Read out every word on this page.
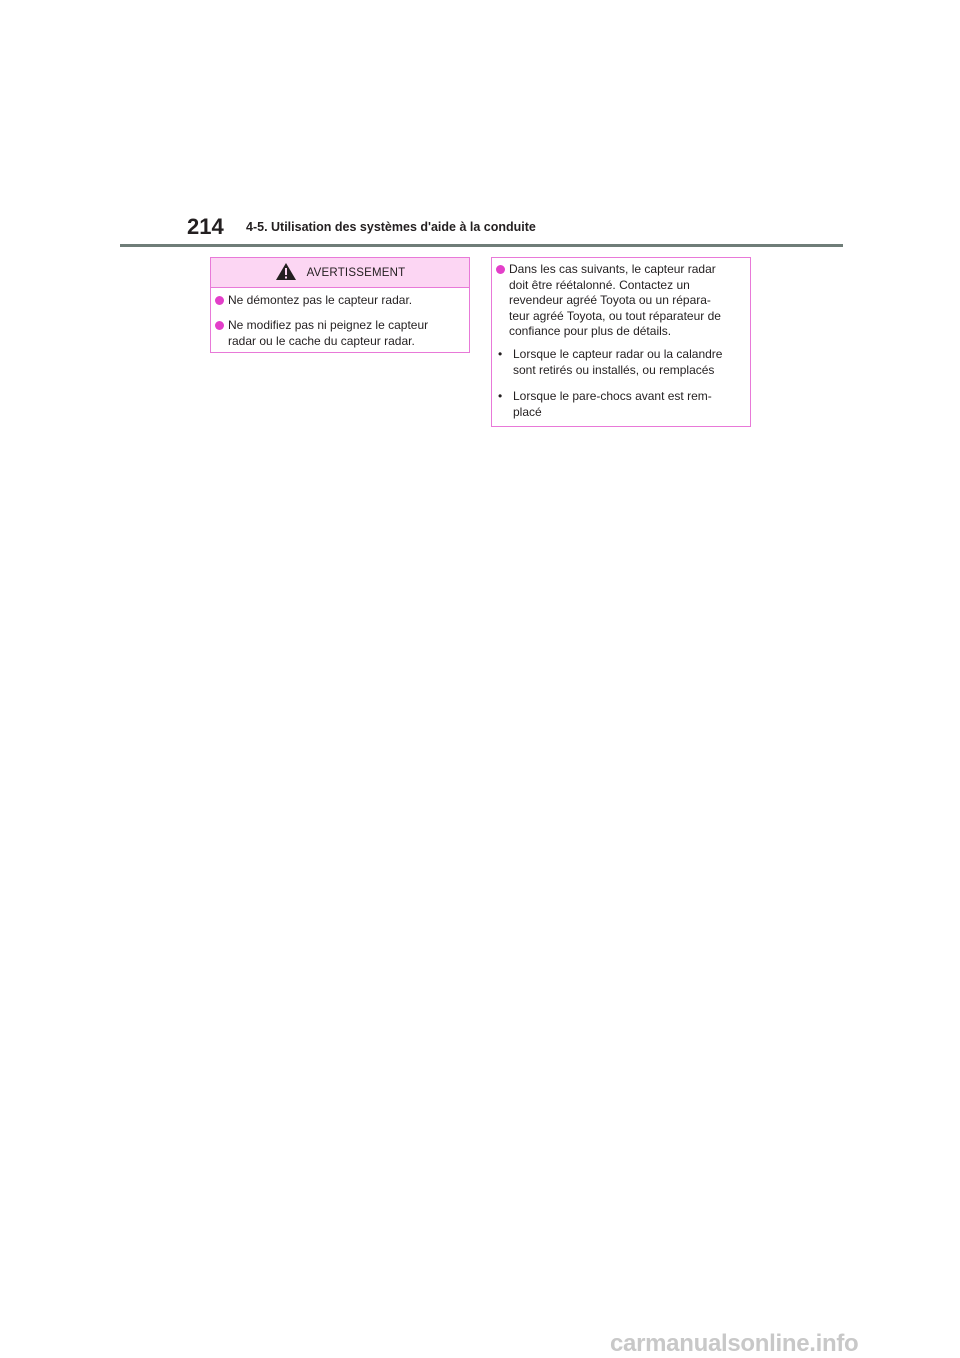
214 4-5. Utilisation des systèmes d'aide à la conduite
AVERTISSEMENT
Ne démontez pas le capteur radar.
Ne modifiez pas ni peignez le capteur
radar ou le cache du capteur radar.
Dans les cas suivants, le capteur radar
doit être réétalonné. Contactez un
revendeur agréé Toyota ou un répara-
teur agréé Toyota, ou tout réparateur de
confiance pour plus de détails.
• Lorsque le capteur radar ou la calandre
sont retirés ou installés, ou remplacés
• Lorsque le pare-chocs avant est rem-
placé
carmanualsonline.info
